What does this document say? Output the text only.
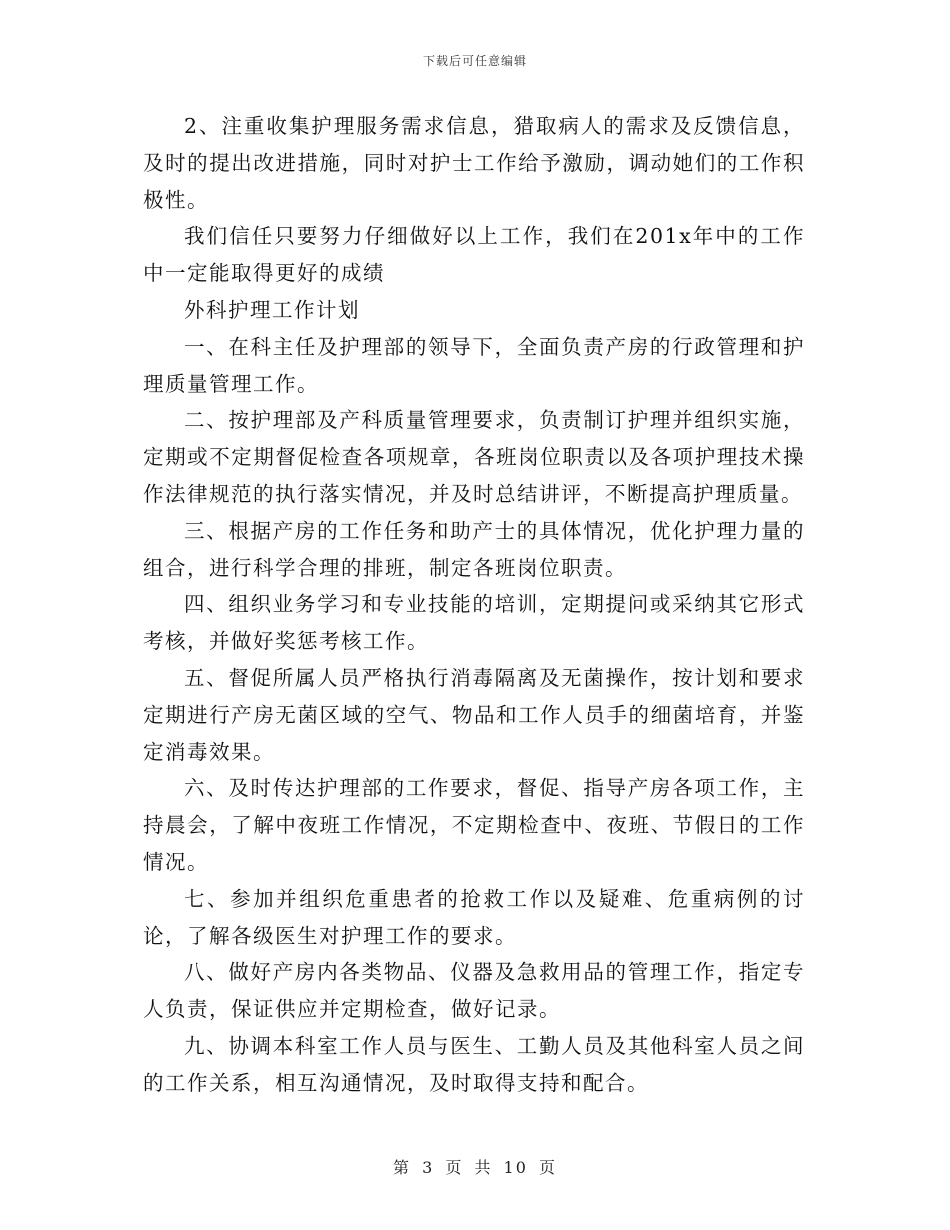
下载后可任意编辑

2、注重收集护理服务需求信息，猎取病人的需求及反馈信息，及时的提出改进措施，同时对护士工作给予激励，调动她们的工作积极性。

我们信任只要努力仔细做好以上工作，我们在201x年中的工作中一定能取得更好的成绩

外科护理工作计划

一、在科主任及护理部的领导下，全面负责产房的行政管理和护理质量管理工作。

二、按护理部及产科质量管理要求，负责制订护理并组织实施，定期或不定期督促检查各项规章，各班岗位职责以及各项护理技术操作法律规范的执行落实情况，并及时总结讲评，不断提高护理质量。

三、根据产房的工作任务和助产士的具体情况，优化护理力量的组合，进行科学合理的排班，制定各班岗位职责。

四、组织业务学习和专业技能的培训，定期提问或采纳其它形式考核，并做好奖惩考核工作。

五、督促所属人员严格执行消毒隔离及无菌操作，按计划和要求定期进行产房无菌区域的空气、物品和工作人员手的细菌培育，并鉴定消毒效果。

六、及时传达护理部的工作要求，督促、指导产房各项工作，主持晨会，了解中夜班工作情况，不定期检查中、夜班、节假日的工作情况。

七、参加并组织危重患者的抢救工作以及疑难、危重病例的讨论，了解各级医生对护理工作的要求。

八、做好产房内各类物品、仪器及急救用品的管理工作，指定专人负责，保证供应并定期检查，做好记录。

九、协调本科室工作人员与医生、工勤人员及其他科室人员之间的工作关系，相互沟通情况，及时取得支持和配合。

第 3 页 共 10 页
